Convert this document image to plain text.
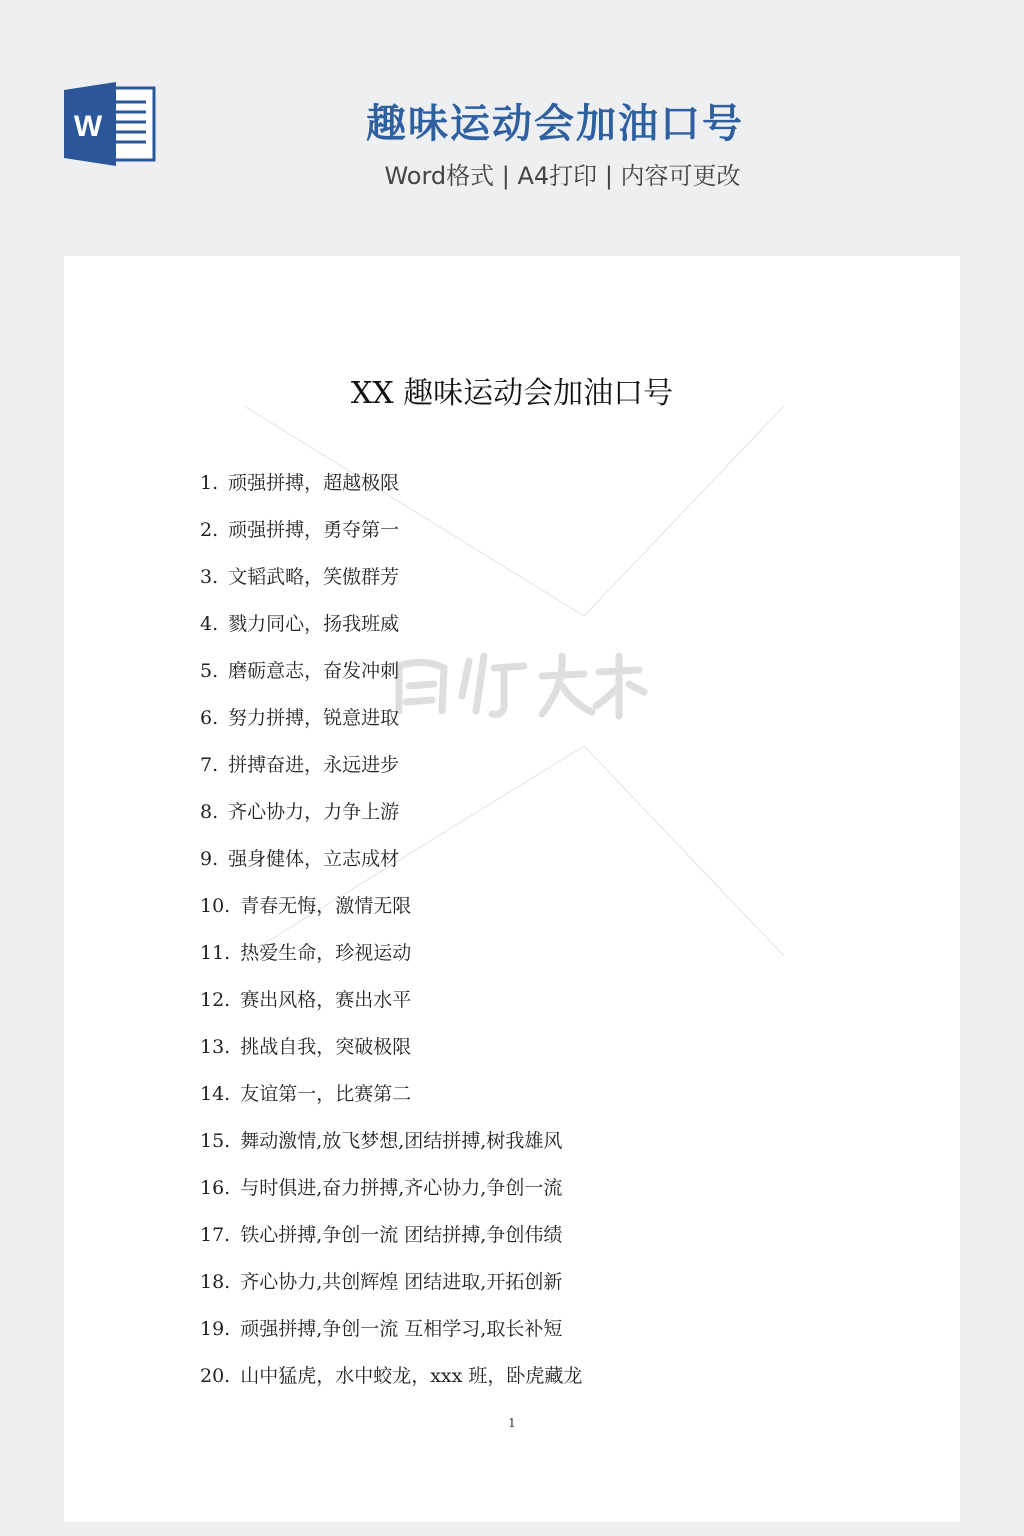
W	趣味运动会加油口号
Word格式 | A4打印 | 内容可更改
XX 趣味运动会加油口号
1. 顽强拼搏，超越极限
2. 顽强拼搏，勇夺第一
3. 文韬武略，笑傲群芳
4. 戮力同心，扬我班威
5. 磨砺意志，奋发冲刺
6. 努力拼搏，锐意进取
7. 拼搏奋进，永远进步
8. 齐心协力，力争上游
9. 强身健体，立志成材
10. 青春无悔，激情无限
11. 热爱生命，珍视运动
12. 赛出风格，赛出水平
13. 挑战自我，突破极限
14. 友谊第一，比赛第二
15. 舞动激情,放飞梦想,团结拼搏,树我雄风
16. 与时俱进,奋力拼搏,齐心协力,争创一流
17. 铁心拼搏,争创一流 团结拼搏,争创伟绩
18. 齐心协力,共创辉煌 团结进取,开拓创新
19. 顽强拼搏,争创一流 互相学习,取长补短
20. 山中猛虎，水中蛟龙，xxx 班，卧虎藏龙
1
